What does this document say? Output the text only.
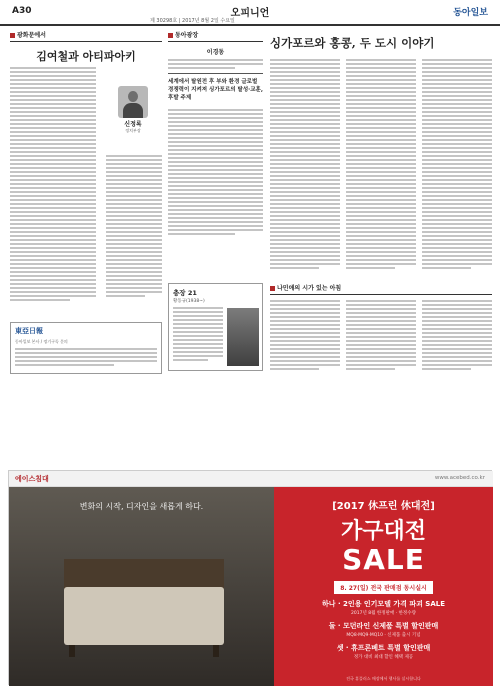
A30	오피니언
제 30298호 | 2017년 8월 2일 수요일
동아일보
광화문에서
김여철과 아티파아키
신정록
정치부장
東亞日報
동아일보 본사 / 정기구독 문의
동아광장
이경동
세계에서 탈원전 후 부와 환경 글로벌 경쟁력이 지켜져 싱가포르의 탈성·교훈, 후발 주제
싱가포르와 홍콩, 두 도시 이야기
충장 21
황동규(1938~)
나민애의 시가 있는 아침
에이스침대	www.acebed.co.kr
변화의 시작, 디자인을 새롭게 하다.	[2017 休프린 休대전]
가구대전
SALE
8. 27(일) 전국 판매점 동시실시
하나 · 2인용 인기모델 가격 파괴 SALE
2017년 8월 한정판매 · 한정수량
둘 · 모던라인 신제품 특별 할인판매
MQ8·MQ9·MQ10 · 신제품 출시 기념
셋 · 휴프론베트 특별 할인판매
정가 대비 최대 할인 혜택 제공
전국 휴플러스 매장에서 행사를 실시합니다
